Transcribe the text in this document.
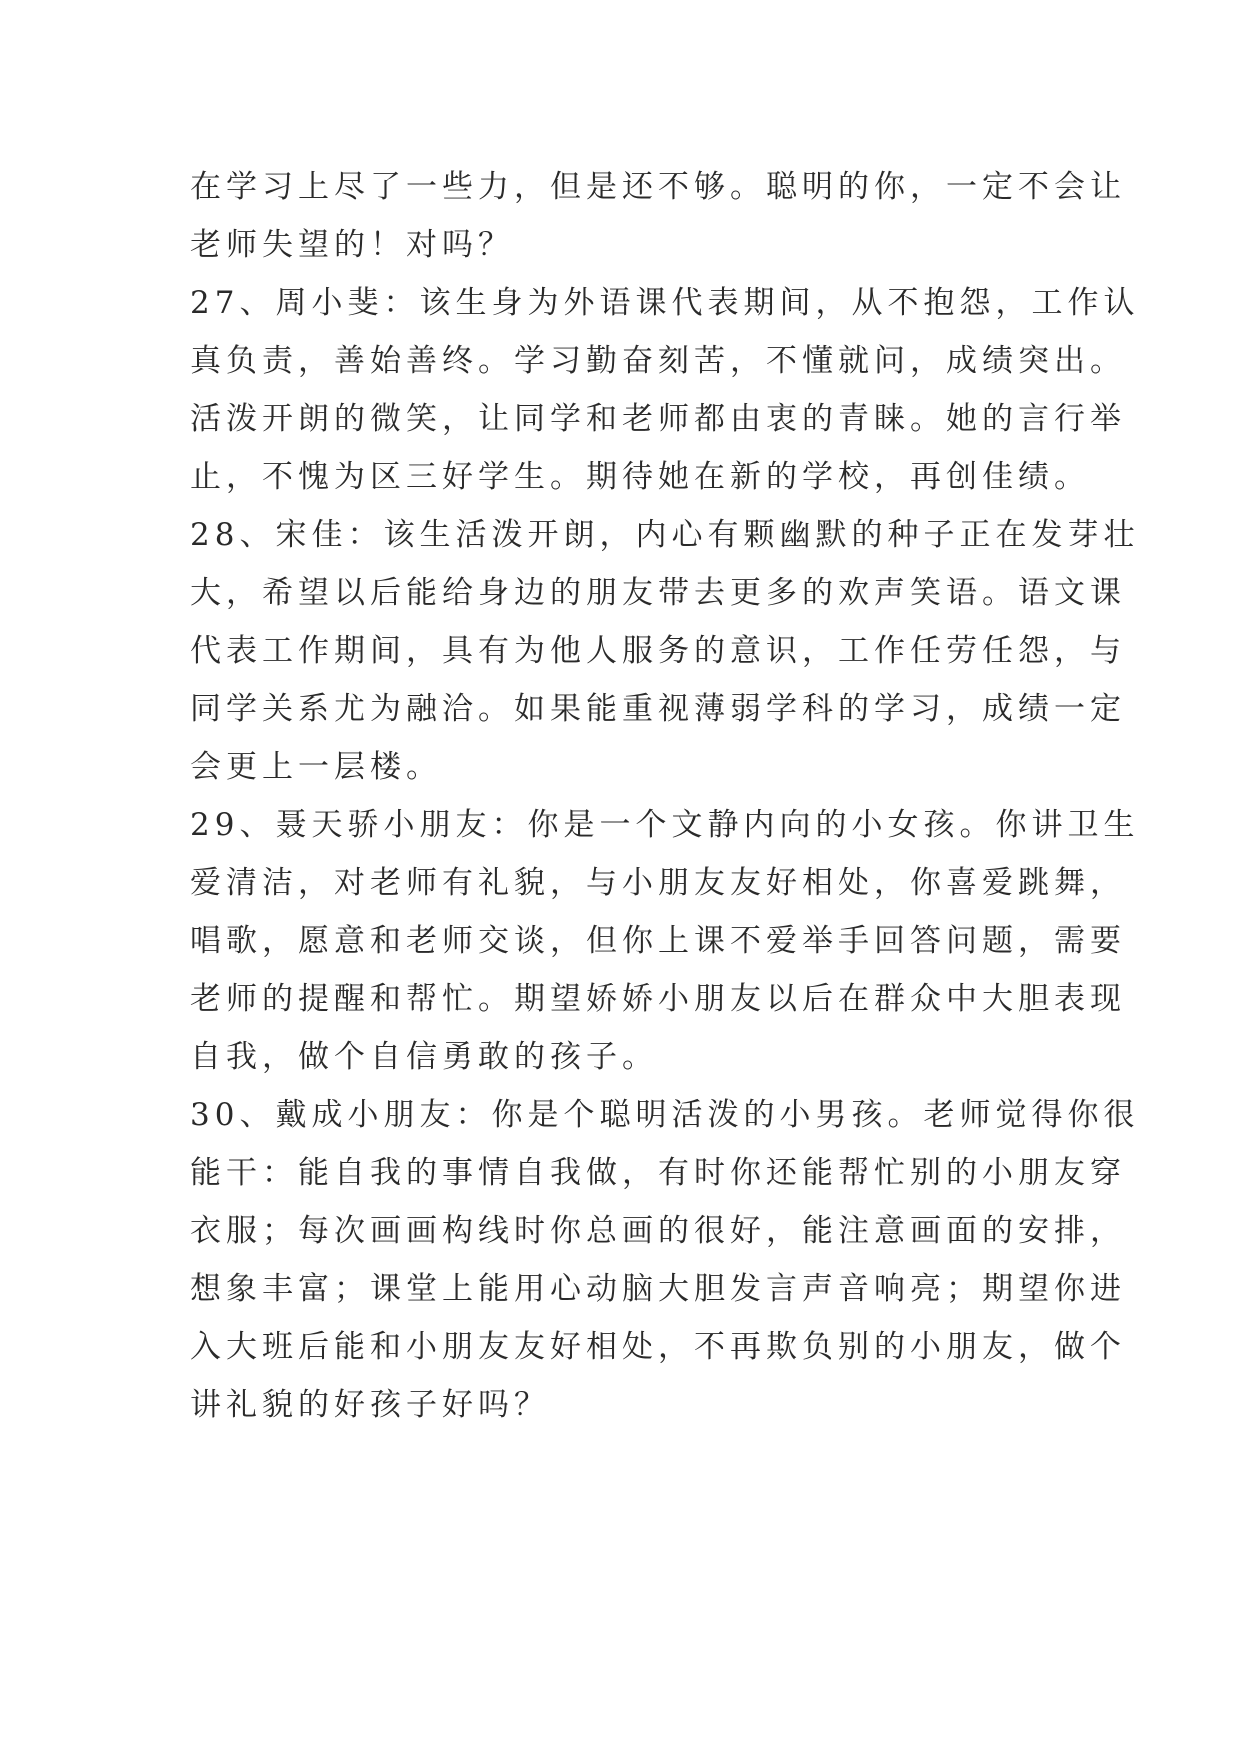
在学习上尽了一些力，但是还不够。聪明的你，一定不会让
老师失望的！对吗？
27、周小斐：该生身为外语课代表期间，从不抱怨，工作认
真负责，善始善终。学习勤奋刻苦，不懂就问，成绩突出。
活泼开朗的微笑，让同学和老师都由衷的青睐。她的言行举
止，不愧为区三好学生。期待她在新的学校，再创佳绩。
28、宋佳：该生活泼开朗，内心有颗幽默的种子正在发芽壮
大，希望以后能给身边的朋友带去更多的欢声笑语。语文课
代表工作期间，具有为他人服务的意识，工作任劳任怨，与
同学关系尤为融洽。如果能重视薄弱学科的学习，成绩一定
会更上一层楼。
29、聂天骄小朋友：你是一个文静内向的小女孩。你讲卫生
爱清洁，对老师有礼貌，与小朋友友好相处，你喜爱跳舞，
唱歌，愿意和老师交谈，但你上课不爱举手回答问题，需要
老师的提醒和帮忙。期望娇娇小朋友以后在群众中大胆表现
自我，做个自信勇敢的孩子。
30、戴成小朋友：你是个聪明活泼的小男孩。老师觉得你很
能干：能自我的事情自我做，有时你还能帮忙别的小朋友穿
衣服；每次画画构线时你总画的很好，能注意画面的安排，
想象丰富；课堂上能用心动脑大胆发言声音响亮；期望你进
入大班后能和小朋友友好相处，不再欺负别的小朋友，做个
讲礼貌的好孩子好吗？
